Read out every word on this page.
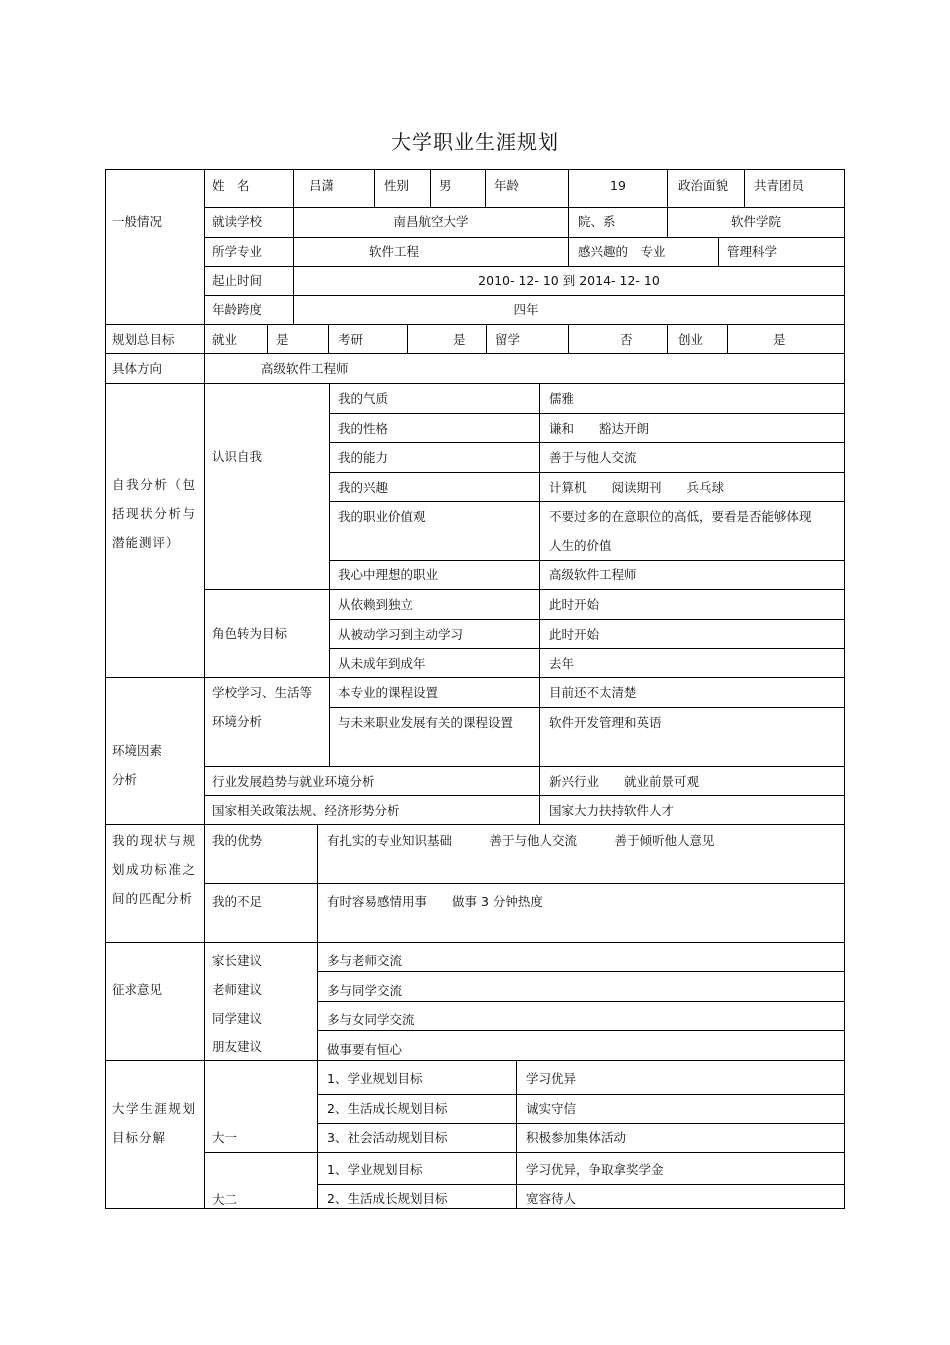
大学职业生涯规划
一般情况
姓　名	吕潇	性别 男	年龄	19	政治面貌 共青团员
就读学校	南昌航空大学	院、系	软件学院
所学专业	软件工程	感兴趣的　专业	管理科学
起止时间	2010- 12- 10 到 2014- 12- 10
年龄跨度	四年
规划总目标	就业	是	考研	是 留学	否	创业	是
具体方向	高级软件工程师
自我分析（包括现状分析与潜能测评）
认识自我
我的气质	儒雅
我的性格	谦和　　豁达开朗
我的能力	善于与他人交流
我的兴趣	计算机　　阅读期刊　　兵乓球
我的职业价值观	不要过多的在意职位的高低，要看是否能够体现人生的价值
我心中理想的职业	高级软件工程师
角色转为目标
从依赖到独立	此时开始
从被动学习到主动学习	此时开始
从未成年到成年	去年
环境因素分析
学校学习、生活等环境分析
本专业的课程设置	目前还不太清楚
与未来职业发展有关的课程设置	软件开发管理和英语
行业发展趋势与就业环境分析	新兴行业　　就业前景可观
国家相关政策法规、经济形势分析	国家大力扶持软件人才
我的现状与规划成功标准之间的匹配分析
我的优势	有扎实的专业知识基础　　　善于与他人交流　　　善于倾听他人意见
我的不足	有时容易感情用事　　做事 3 分钟热度
征求意见
家长建议	多与老师交流
老师建议	多与同学交流
同学建议	多与女同学交流
朋友建议	做事要有恒心
大学生涯规划目标分解	大一
1、学业规划目标	学习优异
2、生活成长规划目标	诚实守信
3、社会活动规划目标	积极参加集体活动
大二
1、学业规划目标	学习优异，争取拿奖学金
2、生活成长规划目标	宽容待人
